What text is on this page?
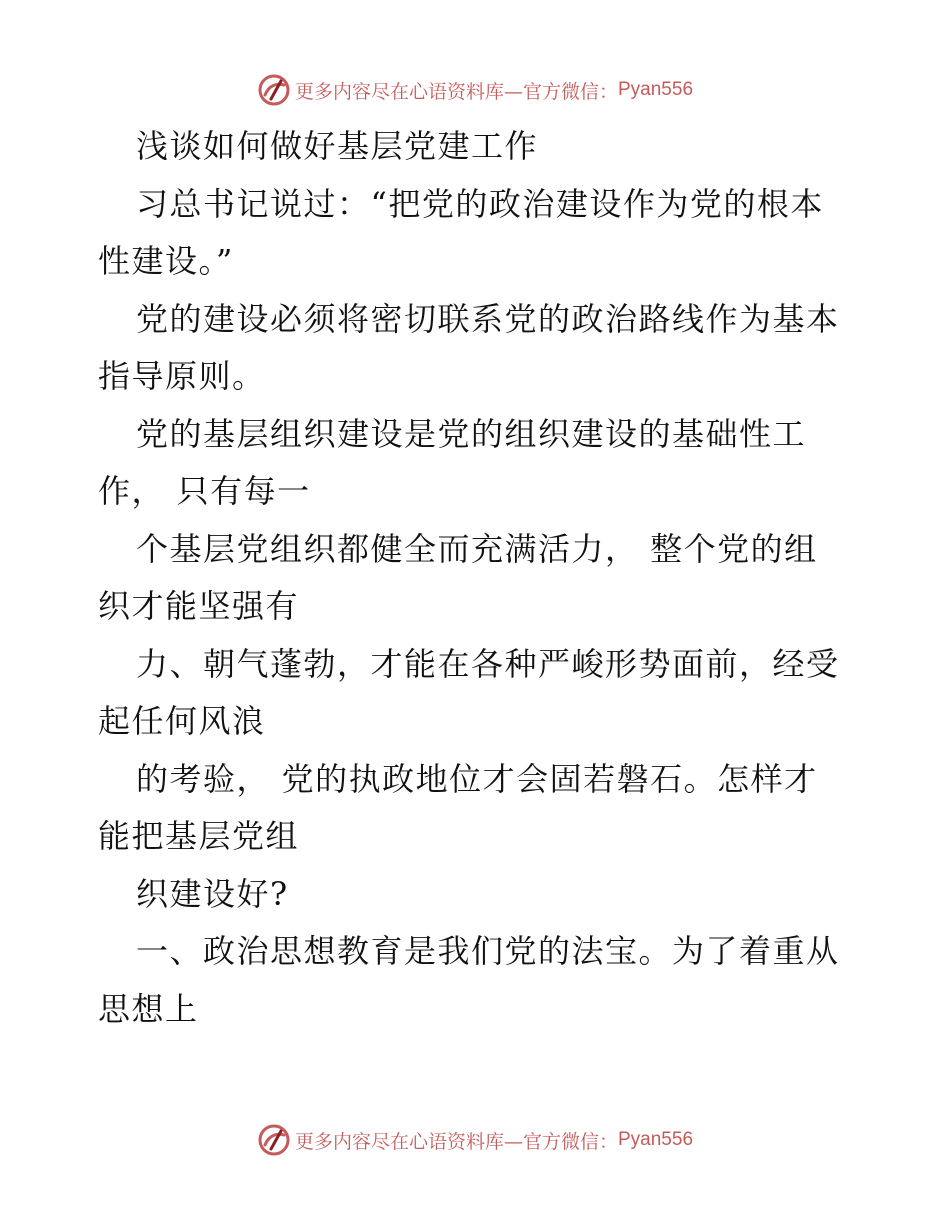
更多内容尽在心语资料库—官方微信： Pyan556
浅谈如何做好基层党建工作
习总书记说过：“把党的政治建设作为党的根本
性建设。”
党的建设必须将密切联系党的政治路线作为基本
指导原则。
党的基层组织建设是党的组织建设的基础性工
作， 只有每一
个基层党组织都健全而充满活力， 整个党的组
织才能坚强有
力、朝气蓬勃，才能在各种严峻形势面前，经受
起任何风浪
的考验， 党的执政地位才会固若磐石。怎样才
能把基层党组
织建设好?
一、政治思想教育是我们党的法宝。为了着重从
思想上
更多内容尽在心语资料库—官方微信： Pyan556
